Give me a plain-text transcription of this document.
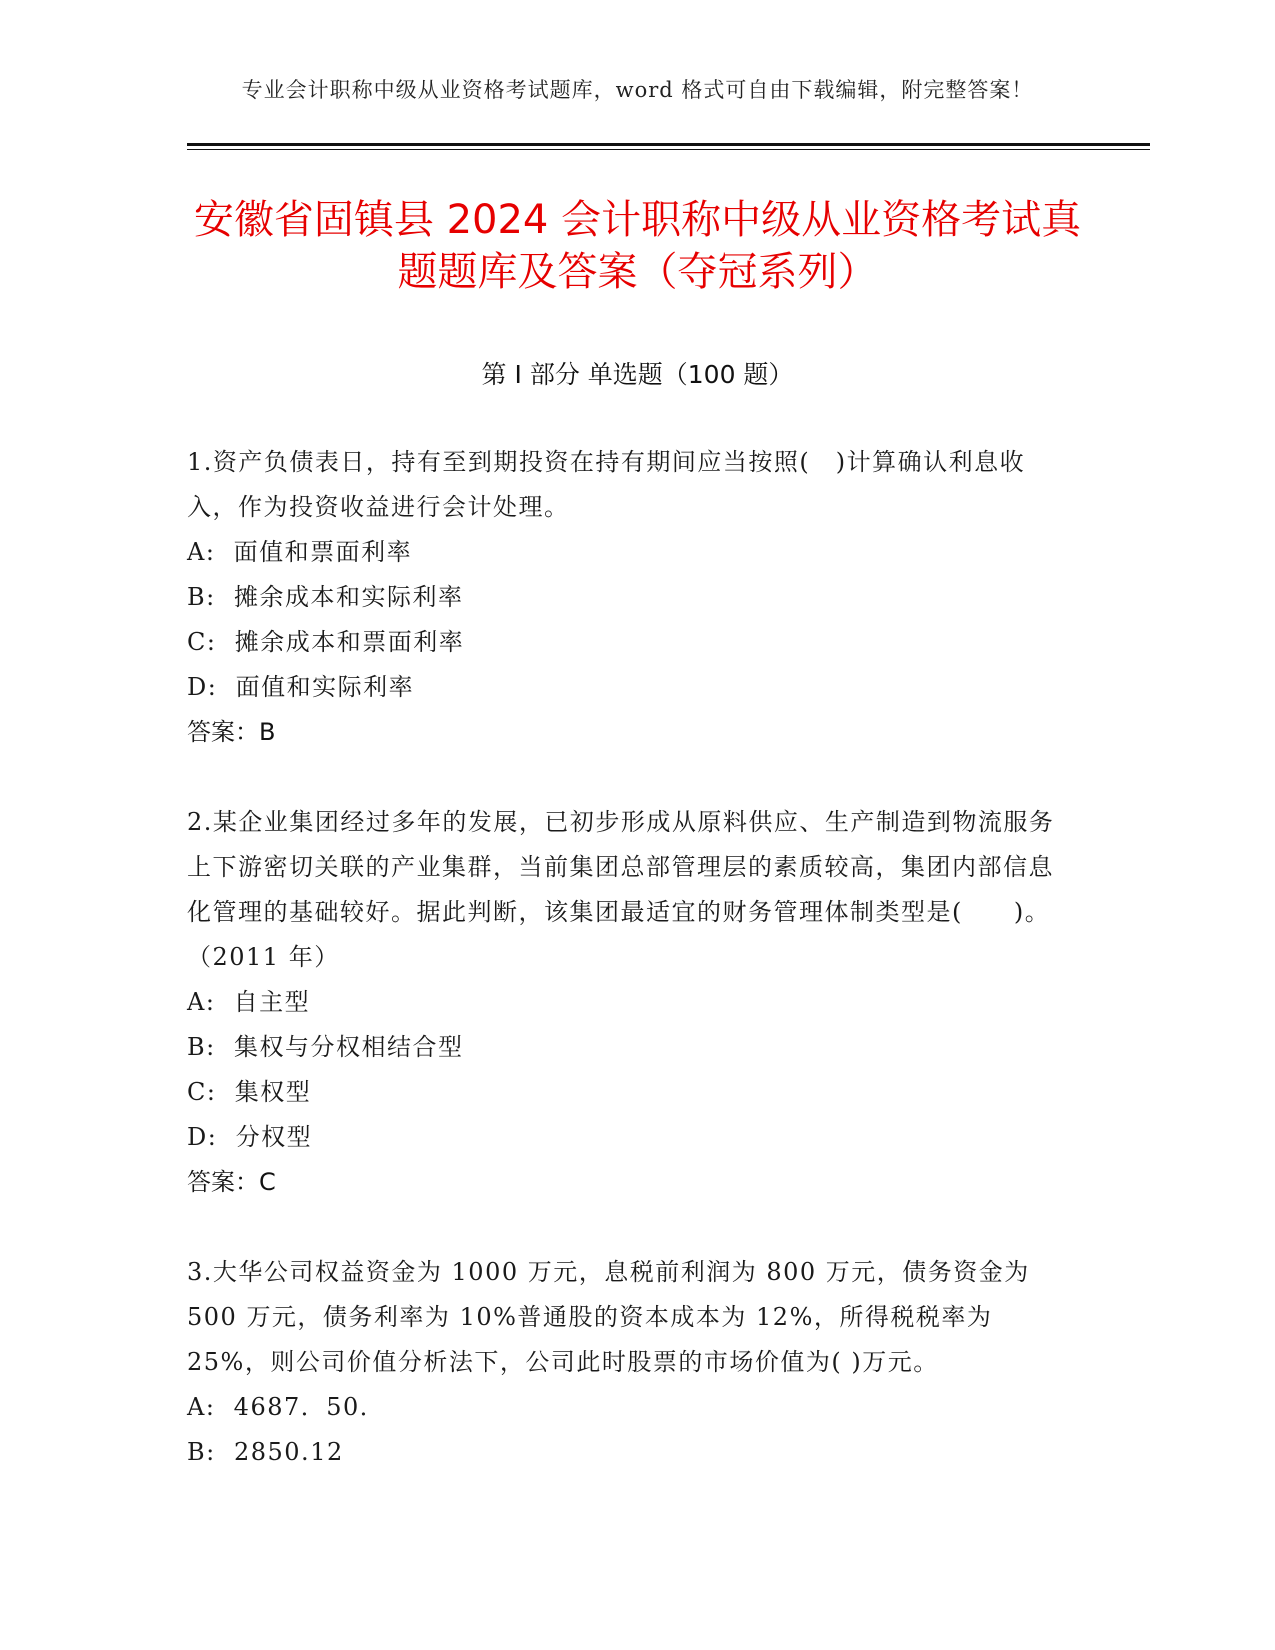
专业会计职称中级从业资格考试题库，word 格式可自由下载编辑，附完整答案！
安徽省固镇县 2024 会计职称中级从业资格考试真题题库及答案（夺冠系列）
第 I 部分 单选题（100 题）

1.资产负债表日，持有至到期投资在持有期间应当按照(　)计算确认利息收入，作为投资收益进行会计处理。

A:  面值和票面利率

B:  摊余成本和实际利率

C:  摊余成本和票面利率

D:  面值和实际利率

答案：B

2.某企业集团经过多年的发展，已初步形成从原料供应、生产制造到物流服务上下游密切关联的产业集群，当前集团总部管理层的素质较高，集团内部信息化管理的基础较好。据此判断，该集团最适宜的财务管理体制类型是(　　)。（2011 年）

A:  自主型

B:  集权与分权相结合型

C:  集权型

D:  分权型

答案：C

3.大华公司权益资金为 1000 万元，息税前利润为 800 万元，债务资金为 500 万元，债务利率为 10%普通股的资本成本为 12%，所得税税率为 25%，则公司价值分析法下，公司此时股票的市场价值为( )万元。

A:  4687．50．

B:  2850.12
